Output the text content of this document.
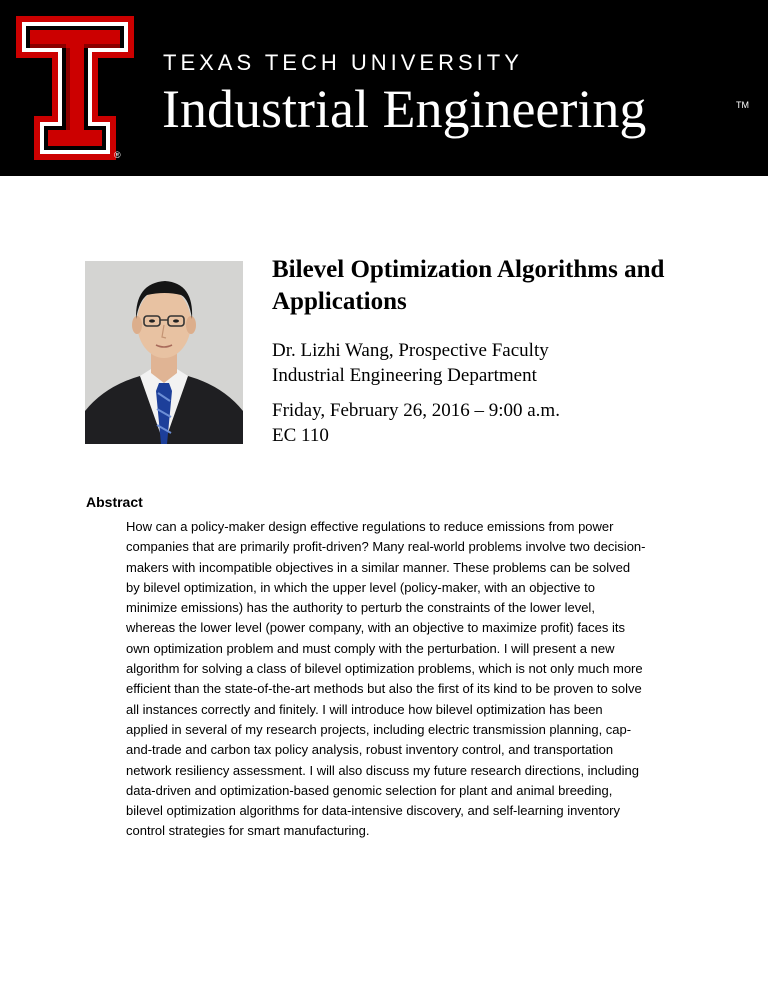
®
TEXAS TECH UNIVERSITY
Industrial Engineering	TM
Bilevel Optimization Algorithms and Applications

Dr. Lizhi Wang, Prospective Faculty

Industrial Engineering Department

Friday, February 26, 2016 – 9:00 a.m.

EC 110

Abstract

How can a policy-maker design effective regulations to reduce emissions from power companies that are primarily profit-driven? Many real-world problems involve two decision-makers with incompatible objectives in a similar manner. These problems can be solved by bilevel optimization, in which the upper level (policy-maker, with an objective to minimize emissions) has the authority to perturb the constraints of the lower level, whereas the lower level (power company, with an objective to maximize profit) faces its own optimization problem and must comply with the perturbation. I will present a new algorithm for solving a class of bilevel optimization problems, which is not only much more efficient than the state-of-the-art methods but also the first of its kind to be proven to solve all instances correctly and finitely. I will introduce how bilevel optimization has been applied in several of my research projects, including electric transmission planning, cap-and-trade and carbon tax policy analysis, robust inventory control, and transportation network resiliency assessment. I will also discuss my future research directions, including data-driven and optimization-based genomic selection for plant and animal breeding, bilevel optimization algorithms for data-intensive discovery, and self-learning inventory control strategies for smart manufacturing.
